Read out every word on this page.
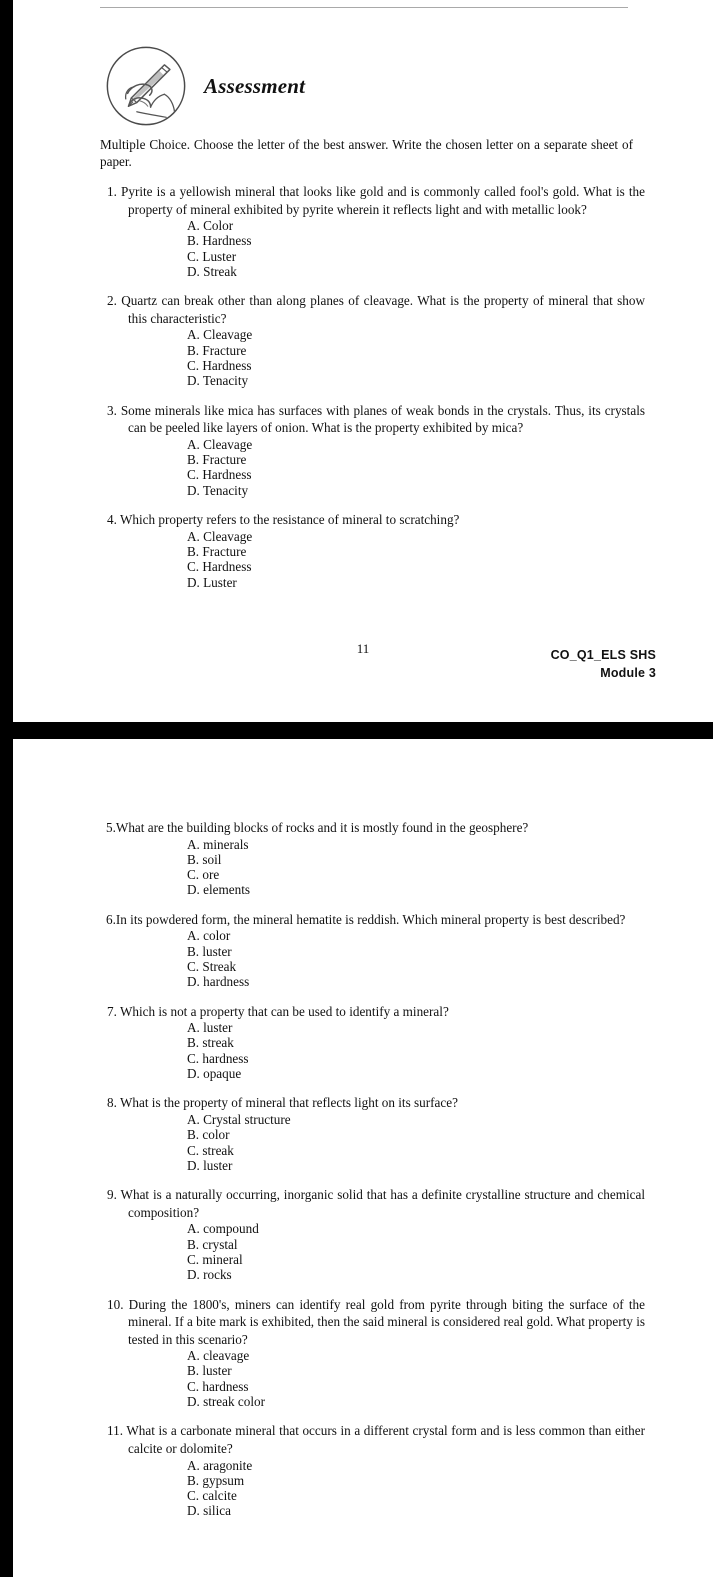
Assessment
Multiple Choice. Choose the letter of the best answer. Write the chosen letter on a separate sheet of paper.
1. Pyrite is a yellowish mineral that looks like gold and is commonly called fool's gold. What is the property of mineral exhibited by pyrite wherein it reflects light and with metallic look?
A. Color
B. Hardness
C. Luster
D. Streak
2. Quartz can break other than along planes of cleavage. What is the property of mineral that show this characteristic?
A. Cleavage
B. Fracture
C. Hardness
D. Tenacity
3. Some minerals like mica has surfaces with planes of weak bonds in the crystals. Thus, its crystals can be peeled like layers of onion. What is the property exhibited by mica?
A. Cleavage
B. Fracture
C. Hardness
D. Tenacity
4. Which property refers to the resistance of mineral to scratching?
A. Cleavage
B. Fracture
C. Hardness
D. Luster
11	CO_Q1_ELS SHS
Module 3
5.What are the building blocks of rocks and it is mostly found in the geosphere?
A. minerals
B. soil
C. ore
D. elements
6.In its powdered form, the mineral hematite is reddish. Which mineral property is best described?
A. color
B. luster
C. Streak
D. hardness
7. Which is not a property that can be used to identify a mineral?
A. luster
B. streak
C. hardness
D. opaque
8. What is the property of mineral that reflects light on its surface?
A. Crystal structure
B. color
C. streak
D. luster
9. What is a naturally occurring, inorganic solid that has a definite crystalline structure and chemical composition?
A. compound
B. crystal
C. mineral
D. rocks
10. During the 1800's, miners can identify real gold from pyrite through biting the surface of the mineral. If a bite mark is exhibited, then the said mineral is considered real gold. What property is tested in this scenario?
A. cleavage
B. luster
C. hardness
D. streak color
11. What is a carbonate mineral that occurs in a different crystal form and is less common than either calcite or dolomite?
A. aragonite
B. gypsum
C. calcite
D. silica
